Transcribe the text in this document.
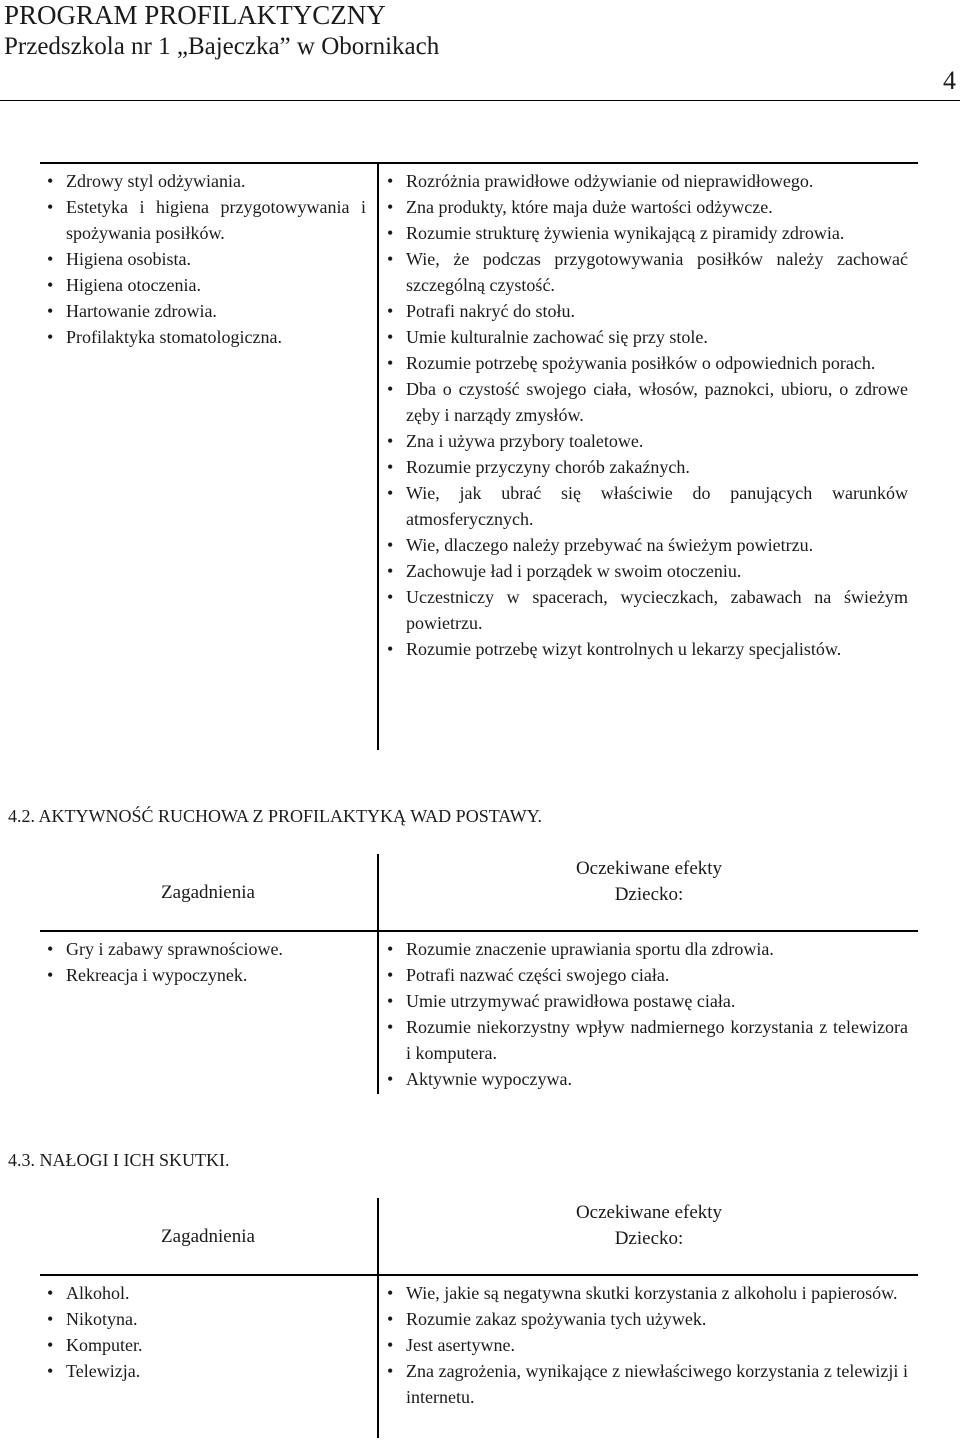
PROGRAM PROFILAKTYCZNY
Przedszkola nr 1 „Bajeczka” w Obornikach
4
• Zdrowy styl odżywiania.
• Estetyka i higiena przygotowywania i spożywania posiłków.
• Higiena osobista.
• Higiena otoczenia.
• Hartowanie zdrowia.
• Profilaktyka stomatologiczna.
• Rozróżnia prawidłowe odżywianie od nieprawidłowego.
• Zna produkty, które maja duże wartości odżywcze.
• Rozumie strukturę żywienia wynikającą z piramidy zdrowia.
• Wie, że podczas przygotowywania posiłków należy zachować szczególną czystość.
• Potrafi nakryć do stołu.
• Umie kulturalnie zachować się przy stole.
• Rozumie potrzebę spożywania posiłków o odpowiednich porach.
• Dba o czystość swojego ciała, włosów, paznokci, ubioru, o zdrowe zęby i narządy zmysłów.
• Zna i używa przybory toaletowe.
• Rozumie przyczyny chorób zakaźnych.
• Wie, jak ubrać się właściwie do panujących warunków atmosferycznych.
• Wie, dlaczego należy przebywać na świeżym powietrzu.
• Zachowuje ład i porządek w swoim otoczeniu.
• Uczestniczy w spacerach, wycieczkach, zabawach na świeżym powietrzu.
• Rozumie potrzebę wizyt kontrolnych u lekarzy specjalistów.
4.2. AKTYWNOŚĆ RUCHOWA Z PROFILAKTYKĄ WAD POSTAWY.
Zagadnienia
Oczekiwane efekty
Dziecko:
• Gry i zabawy sprawnościowe.
• Rekreacja i wypoczynek.
• Rozumie znaczenie uprawiania sportu dla zdrowia.
• Potrafi nazwać części swojego ciała.
• Umie utrzymywać prawidłowa postawę ciała.
• Rozumie niekorzystny wpływ nadmiernego korzystania z telewizora i komputera.
• Aktywnie wypoczywa.
4.3. NAŁOGI I ICH SKUTKI.
Zagadnienia
Oczekiwane efekty
Dziecko:
• Alkohol.
• Nikotyna.
• Komputer.
• Telewizja.
• Wie, jakie są negatywna skutki korzystania z alkoholu i papierosów.
• Rozumie zakaz spożywania tych używek.
• Jest asertywne.
• Zna zagrożenia, wynikające z niewłaściwego korzystania z telewizji i internetu.
